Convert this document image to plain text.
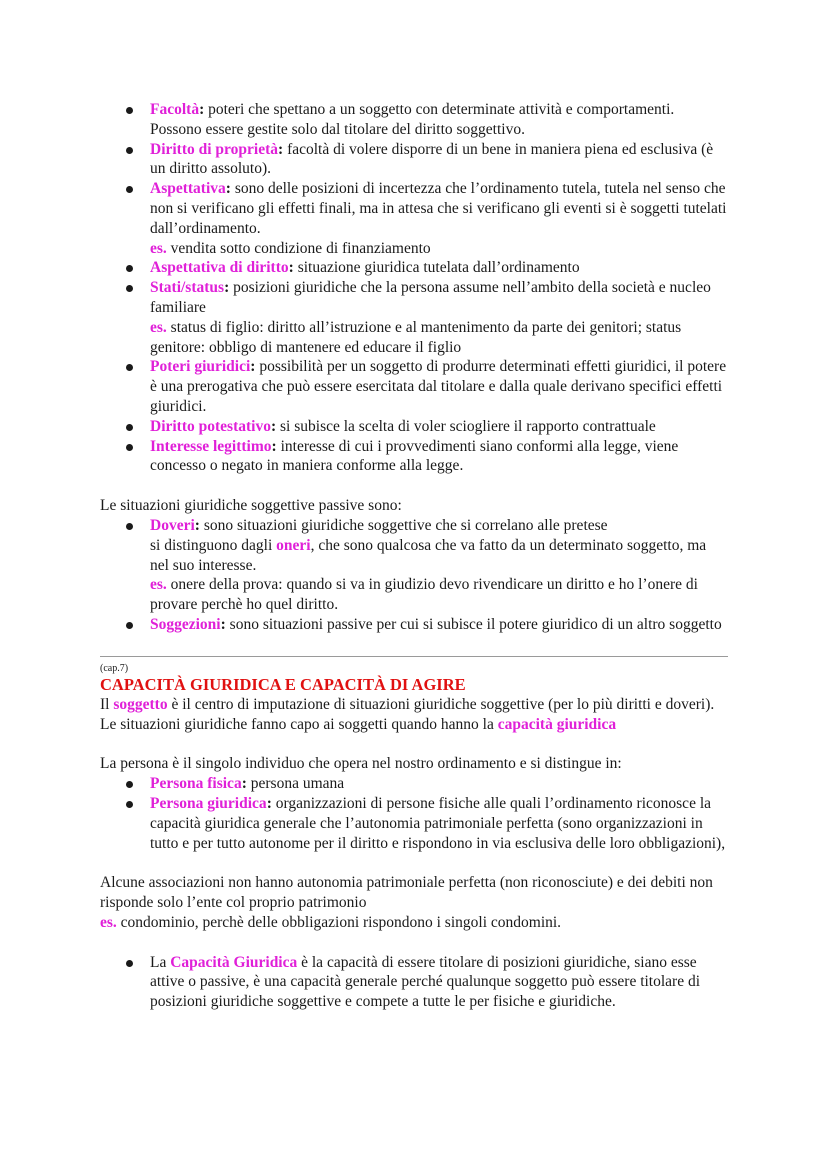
Facoltà: poteri che spettano a un soggetto con determinate attività e comportamenti. Possono essere gestite solo dal titolare del diritto soggettivo.
Diritto di proprietà: facoltà di volere disporre di un bene in maniera piena ed esclusiva (è un diritto assoluto).
Aspettativa: sono delle posizioni di incertezza che l’ordinamento tutela, tutela nel senso che non si verificano gli effetti finali, ma in attesa che si verificano gli eventi si è soggetti tutelati dall’ordinamento.
es. vendita sotto condizione di finanziamento
Aspettativa di diritto: situazione giuridica tutelata dall’ordinamento
Stati/status: posizioni giuridiche che la persona assume nell’ambito della società e nucleo familiare
es. status di figlio: diritto all’istruzione e al mantenimento da parte dei genitori; status genitore: obbligo di mantenere ed educare il figlio
Poteri giuridici: possibilità per un soggetto di produrre determinati effetti giuridici, il potere è una prerogativa che può essere esercitata dal titolare e dalla quale derivano specifici effetti giuridici.
Diritto potestativo: si subisce la scelta di voler sciogliere il rapporto contrattuale
Interesse legittimo: interesse di cui i provvedimenti siano conformi alla legge, viene concesso o negato in maniera conforme alla legge.

Le situazioni giuridiche soggettive passive sono:

Doveri: sono situazioni giuridiche soggettive che si correlano alle pretese
si distinguono dagli oneri, che sono qualcosa che va fatto da un determinato soggetto, ma nel suo interesse.
es. onere della prova: quando si va in giudizio devo rivendicare un diritto e ho l’onere di provare perchè ho quel diritto.
Soggezioni: sono situazioni passive per cui si subisce il potere giuridico di un altro soggetto

(cap.7)

CAPACITÀ GIURIDICA E CAPACITÀ DI AGIRE

Il soggetto è il centro di imputazione di situazioni giuridiche soggettive (per lo più diritti e doveri). Le situazioni giuridiche fanno capo ai soggetti quando hanno la capacità giuridica

La persona è il singolo individuo che opera nel nostro ordinamento e si distingue in:

Persona fisica: persona umana
Persona giuridica: organizzazioni di persone fisiche alle quali l’ordinamento riconosce la capacità giuridica generale che l’autonomia patrimoniale perfetta (sono organizzazioni in tutto e per tutto autonome per il diritto e rispondono in via esclusiva delle loro obbligazioni),

Alcune associazioni non hanno autonomia patrimoniale perfetta (non riconosciute) e dei debiti non risponde solo l’ente col proprio patrimonio

es. condominio, perchè delle obbligazioni rispondono i singoli condomini.

La Capacità Giuridica è la capacità di essere titolare di posizioni giuridiche, siano esse attive o passive, è una capacità generale perché qualunque soggetto può essere titolare di posizioni giuridiche soggettive e compete a tutte le per fisiche e giuridiche.
